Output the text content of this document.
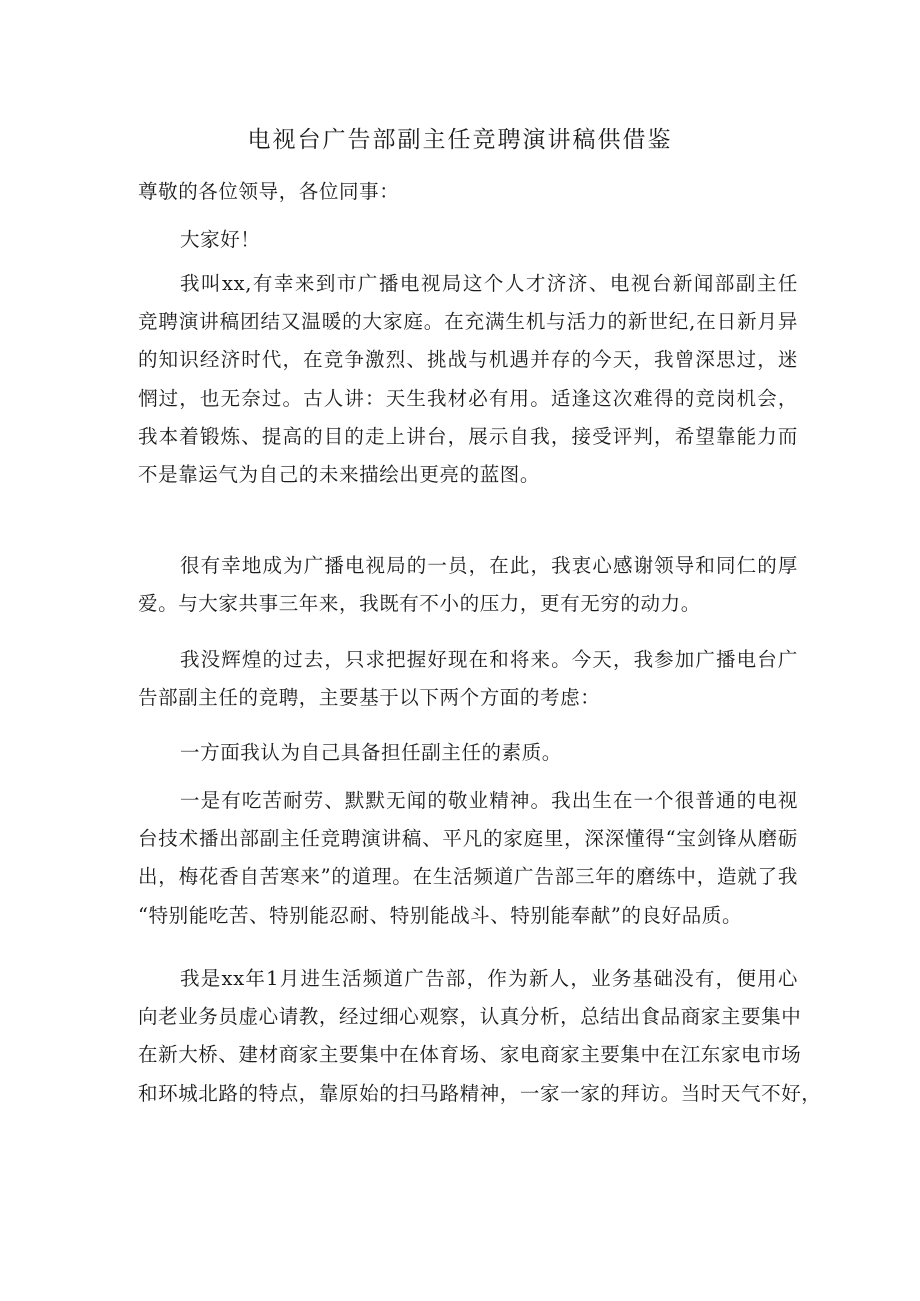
电视台广告部副主任竞聘演讲稿供借鉴

尊敬的各位领导，各位同事：

大家好！

我叫xx,有幸来到市广播电视局这个人才济济、电视台新闻部副主任
竞聘演讲稿团结又温暖的大家庭。在充满生机与活力的新世纪,在日新月异
的知识经济时代，在竞争激烈、挑战与机遇并存的今天，我曾深思过，迷
惘过，也无奈过。古人讲：天生我材必有用。适逢这次难得的竞岗机会，
我本着锻炼、提高的目的走上讲台，展示自我，接受评判，希望靠能力而
不是靠运气为自己的未来描绘出更亮的蓝图。

很有幸地成为广播电视局的一员，在此，我衷心感谢领导和同仁的厚
爱。与大家共事三年来，我既有不小的压力，更有无穷的动力。

我没辉煌的过去，只求把握好现在和将来。今天，我参加广播电台广
告部副主任的竞聘，主要基于以下两个方面的考虑：

一方面我认为自己具备担任副主任的素质。

一是有吃苦耐劳、默默无闻的敬业精神。我出生在一个很普通的电视
台技术播出部副主任竞聘演讲稿、平凡的家庭里，深深懂得“宝剑锋从磨砺
出，梅花香自苦寒来”的道理。在生活频道广告部三年的磨练中，造就了我
“特别能吃苦、特别能忍耐、特别能战斗、特别能奉献”的良好品质。

我是xx年1月进生活频道广告部，作为新人，业务基础没有，便用心
向老业务员虚心请教，经过细心观察，认真分析，总结出食品商家主要集中
在新大桥、建材商家主要集中在体育场、家电商家主要集中在江东家电市场
和环城北路的特点，靠原始的扫马路精神，一家一家的拜访。当时天气不好，
